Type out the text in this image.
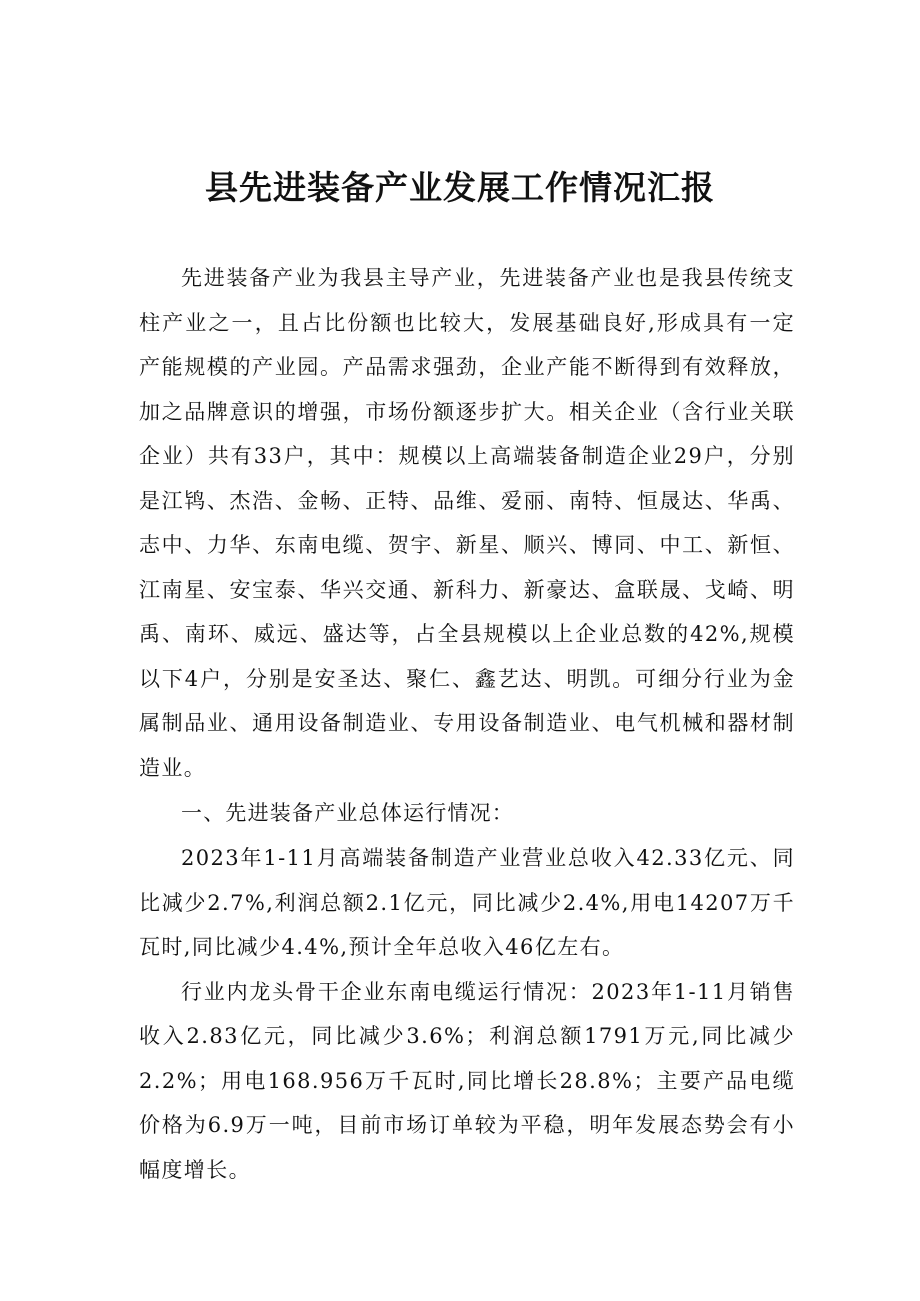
县先进装备产业发展工作情况汇报

先进装备产业为我县主导产业，先进装备产业也是我县传统支柱产业之一，且占比份额也比较大，发展基础良好,形成具有一定产能规模的产业园。产品需求强劲，企业产能不断得到有效释放，加之品牌意识的增强，市场份额逐步扩大。相关企业（含行业关联企业）共有33户，其中：规模以上高端装备制造企业29户，分别是江鸨、杰浩、金畅、正特、品维、爱丽、南特、恒晟达、华禹、志中、力华、东南电缆、贺宇、新星、顺兴、博同、中工、新恒、江南星、安宝泰、华兴交通、新科力、新豪达、盒联晟、戈崎、明禹、南环、威远、盛达等，占全县规模以上企业总数的42%,规模以下4户，分别是安圣达、聚仁、鑫艺达、明凯。可细分行业为金属制品业、通用设备制造业、专用设备制造业、电气机械和器材制造业。

一、先进装备产业总体运行情况：

2023年1-11月高端装备制造产业营业总收入42.33亿元、同比减少2.7%,利润总额2.1亿元，同比减少2.4%,用电14207万千瓦时,同比减少4.4%,预计全年总收入46亿左右。

行业内龙头骨干企业东南电缆运行情况：2023年1-11月销售收入2.83亿元，同比减少3.6%；利润总额1791万元,同比减少2.2%；用电168.956万千瓦时,同比增长28.8%；主要产品电缆价格为6.9万一吨，目前市场订单较为平稳，明年发展态势会有小幅度增长。
